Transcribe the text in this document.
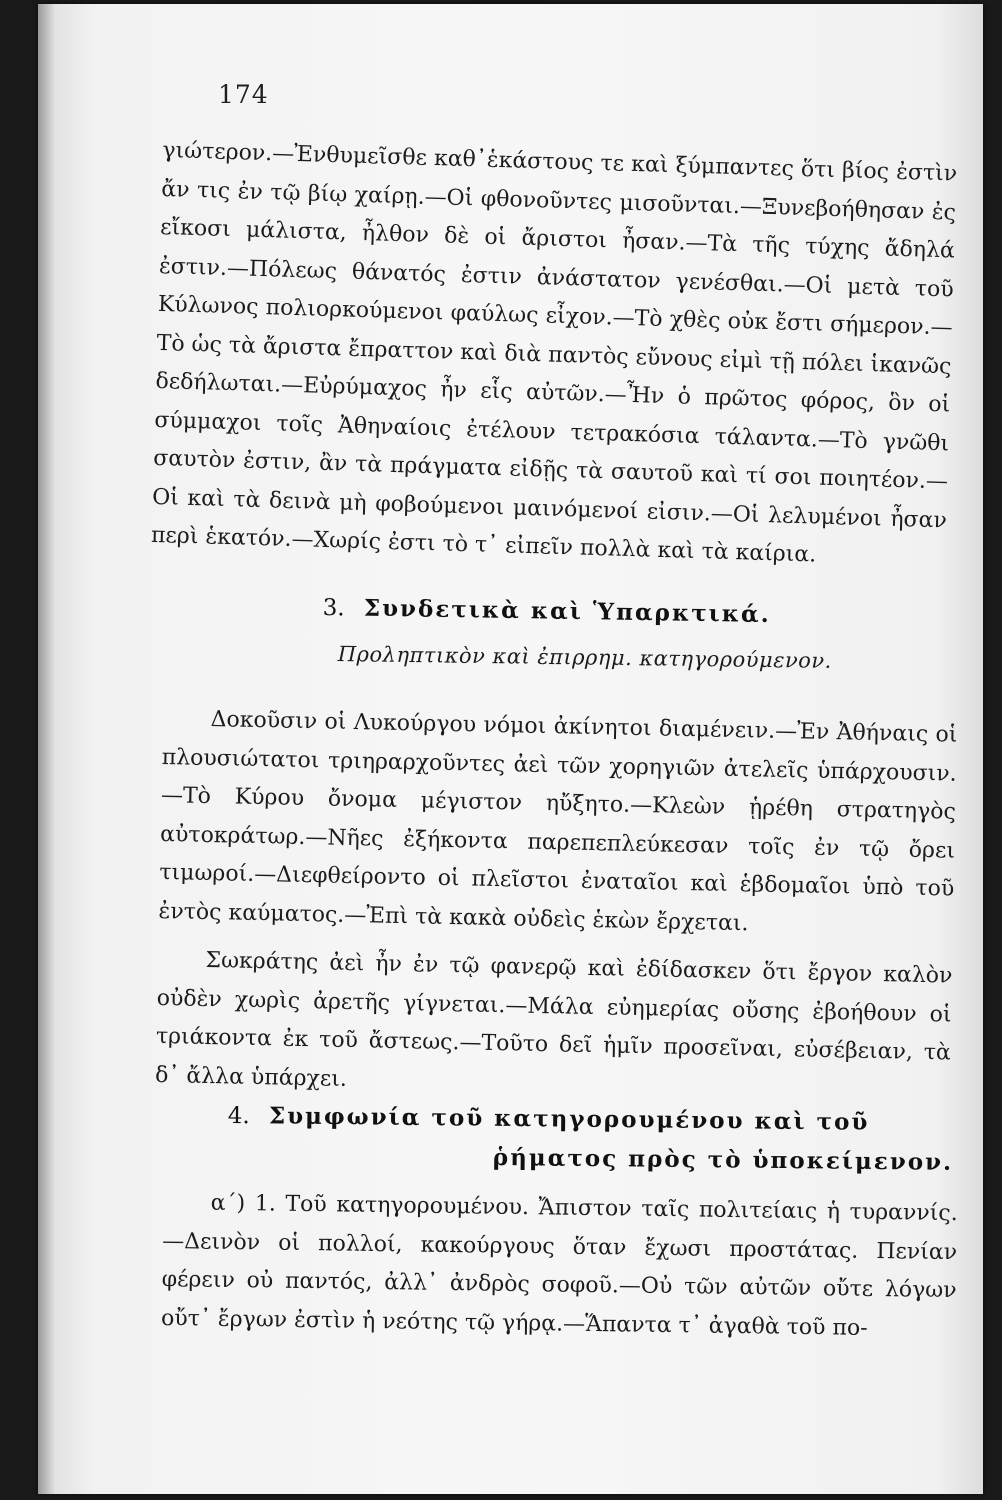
174

γιώτερον.—Ἐνθυμεῖσθε καθ᾿ἑκάστους τε καὶ ξύμπαντες ὅτι βίος ἐστὶν ἄν τις ἐν τῷ βίῳ χαίρῃ.—Οἱ φθονοῦντες μισοῦνται.—Ξυνεβοήθησαν ἐς εἴκοσι μάλιστα, ἦλθον δὲ οἱ ἄριστοι ἦσαν.—Τὰ τῆς τύχης ἄδηλά ἐστιν.—Πόλεως θάνατός ἐστιν ἀνάστατον γενέσθαι.—Οἱ μετὰ τοῦ Κύλωνος πολιορκούμενοι φαύλως εἶχον.—Τὸ χθὲς οὐκ ἔστι σήμερον.—Τὸ ὡς τὰ ἄριστα ἔπραττον καὶ διὰ παντὸς εὔνους εἰμὶ τῇ πόλει ἱκανῶς δεδήλωται.—Εὐρύμαχος ἦν εἷς αὐτῶν.—Ἦν ὁ πρῶτος φόρος, ὃν οἱ σύμμαχοι τοῖς Ἀθηναίοις ἐτέλουν τετρακόσια τάλαντα.—Τὸ γνῶθι σαυτὸν ἐστιν, ἂν τὰ πράγματα εἰδῇς τὰ σαυτοῦ καὶ τί σοι ποιητέον.—Οἱ καὶ τὰ δεινὰ μὴ φοβούμενοι μαινόμενοί εἰσιν.—Οἱ λελυμένοι ἦσαν περὶ ἑκατόν.—Χωρίς ἐστι τὸ τ᾿ εἰπεῖν πολλὰ καὶ τὰ καίρια.

3. Συνδετικὰ καὶ Ὑπαρκτικά.
Προληπτικὸν καὶ ἐπιρρημ. κατηγορούμενον.

Δοκοῦσιν οἱ Λυκούργου νόμοι ἀκίνητοι διαμένειν.—Ἐν Ἀθήναις οἱ πλουσιώτατοι τριηραρχοῦντες ἀεὶ τῶν χορηγιῶν ἀτελεῖς ὑπάρχουσιν.—Τὸ Κύρου ὄνομα μέγιστον ηὔξητο.—Κλεὼν ᾑρέθη στρατηγὸς αὐτοκράτωρ.—Νῆες ἐξήκοντα παρεπεπλεύκεσαν τοῖς ἐν τῷ ὄρει τιμωροί.—Διεφθείροντο οἱ πλεῖστοι ἐναταῖοι καὶ ἑβδομαῖοι ὑπὸ τοῦ ἐντὸς καύματος.—Ἐπὶ τὰ κακὰ οὐδεὶς ἑκὼν ἔρχεται.

Σωκράτης ἀεὶ ἦν ἐν τῷ φανερῷ καὶ ἐδίδασκεν ὅτι ἔργον καλὸν οὐδὲν χωρὶς ἀρετῆς γίγνεται.—Μάλα εὐημερίας οὔσης ἐβοήθουν οἱ τριάκοντα ἐκ τοῦ ἄστεως.—Τοῦτο δεῖ ἡμῖν προσεῖναι, εὐσέβειαν, τὰ δ᾿ ἄλλα ὑπάρχει.

4. Συμφωνία τοῦ κατηγορουμένου καὶ τοῦ
ῥήματος πρὸς τὸ ὑποκείμενον.

α΄) 1. Τοῦ κατηγορουμένου. Ἄπιστον ταῖς πολιτείαις ἡ τυραννίς.—Δεινὸν οἱ πολλοί, κακούργους ὅταν ἔχωσι προστάτας. Πενίαν φέρειν οὐ παντός, ἀλλ᾿ ἀνδρὸς σοφοῦ.—Οὐ τῶν αὐτῶν οὔτε λόγων οὔτ᾿ ἔργων ἐστὶν ἡ νεότης τῷ γήρᾳ.—Ἅπαντα τ᾿ ἀγαθὰ τοῦ πο-
